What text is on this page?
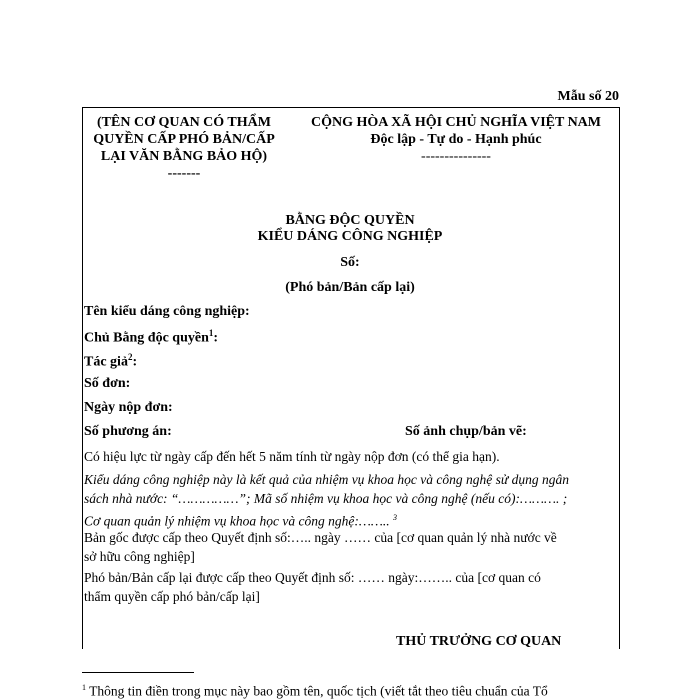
Mẫu số 20
(TÊN CƠ QUAN CÓ THẨM
QUYỀN CẤP PHÓ BẢN/CẤP
LẠI VĂN BẰNG BẢO HỘ)
-------
CỘNG HÒA XÃ HỘI CHỦ NGHĨA VIỆT NAM
Độc lập - Tự do - Hạnh phúc
---------------
BẰNG ĐỘC QUYỀN
KIỂU DÁNG CÔNG NGHIỆP
Số:
(Phó bản/Bản cấp lại)
Tên kiểu dáng công nghiệp:
Chủ Bằng độc quyền$^1$:
Tác giả$^2$:
Số đơn:
Ngày nộp đơn:
Số phương án:	Số ảnh chụp/bản vẽ:
Có hiệu lực từ ngày cấp đến hết 5 năm tính từ ngày nộp đơn (có thể gia hạn).
Kiểu dáng công nghiệp này là kết quả của nhiệm vụ khoa học và công nghệ sử dụng ngân
sách nhà nước: “……………”; Mã số nhiệm vụ khoa học và công nghệ (nếu có):………. ;
Cơ quan quản lý nhiệm vụ khoa học và công nghệ:…….. $^3$
Bản gốc được cấp theo Quyết định số:….. ngày …… của [cơ quan quản lý nhà nước về
sở hữu công nghiệp]
Phó bản/Bản cấp lại được cấp theo Quyết định số: …… ngày:…….. của [cơ quan có
thẩm quyền cấp phó bản/cấp lại]
THỦ TRƯỞNG CƠ QUAN
$^1$ Thông tin điền trong mục này bao gồm tên, quốc tịch (viết tắt theo tiêu chuẩn của Tổ
